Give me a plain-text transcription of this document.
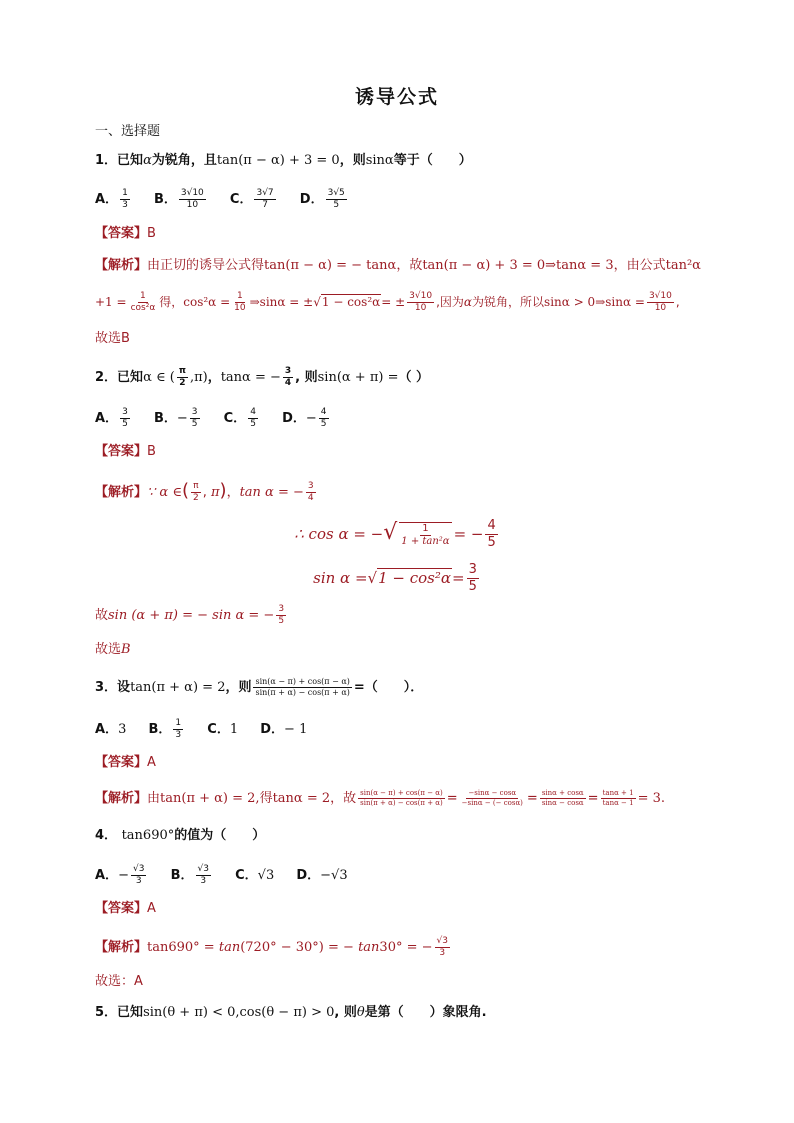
诱导公式
一、选择题
1．已知α为锐角，且tan(π − α) + 3 = 0，则sinα等于（　　）
A． $\frac{1}{3}$ B． $\frac{3√10}{10}$ C． $\frac{3√7}{7}$ D． $\frac{3√5}{5}$
【答案】B
【解析】由正切的诱导公式得tan(π − α) = − tanα，故tan(π − α) + 3 = 0⇒tanα = 3，由公式tan²α
$+1 = \frac{1}{\text{cos²α}}$ 得，$\cos^2\alpha = \frac{1}{10}$ ⇒sinα = $\pm√1 - \cos^2\alpha= \pm \frac{3√10}{10}$ ,因为α为锐角，所以sinα > 0⇒sinα = $\frac{3√10}{10}$ ,
故选B
2．已知α ∈ ( $\frac{\pi}{2} ,\pi$)，tanα = − $\frac{3}{4}$ , 则sin(α + π) =（ ）
A． $\frac{3}{5}$ B．− $\frac{3}{5}$ C． $\frac{4}{5}$ D．− $\frac{4}{5}$
【答案】B
【解析】∵ α ∈( $\frac{\pi}{2}$ , π)，tan α = − $\frac{3}{4}$
∴ cos α = −√ $\frac{1}{\text{1 + tan²α}}$ = − $\frac{4}{5}$
$\sin \alpha =√1 - \cos^2\alpha= \frac{3}{5}$
故sin (α + π) = − sin α = − $\frac{3}{5}$
故选B
3．设tan(π + α) = 2，则 $\frac{\sin(\alpha - \pi) + \cos(\pi - \alpha)}{\sin(\pi + \alpha) - \cos(\pi + \alpha)}$ =（　　）．
A．3 B． $\frac{1}{3}$ C．1 D．− 1
【答案】A
【解析】由tan(π + α) = 2,得tanα = 2，故 $\frac{\sin(\alpha - \pi) + \cos(\pi - \alpha)}{\sin(\pi + \alpha) - \cos(\pi + \alpha)} = \frac{-\sin\alpha - \cos\alpha}{-\sin\alpha - (- \cos\alpha)} = \frac{\sin\alpha + \cos\alpha}{\sin\alpha - \cos\alpha} = \frac{\tan\alpha + 1}{\tan\alpha - 1} = 3$.
4． tan690°的值为（　　）
A．− $\frac{√3}{3}$ B． $\frac{√3}{3}$ C．√3 D．−√3
【答案】A
【解析】tan690° = tan(720° − 30°) = − tan30° = − $\frac{√3}{3}$
故选：A
5．已知sin(θ + π) < 0,cos(θ − π) > 0, 则θ是第（　　）象限角.
